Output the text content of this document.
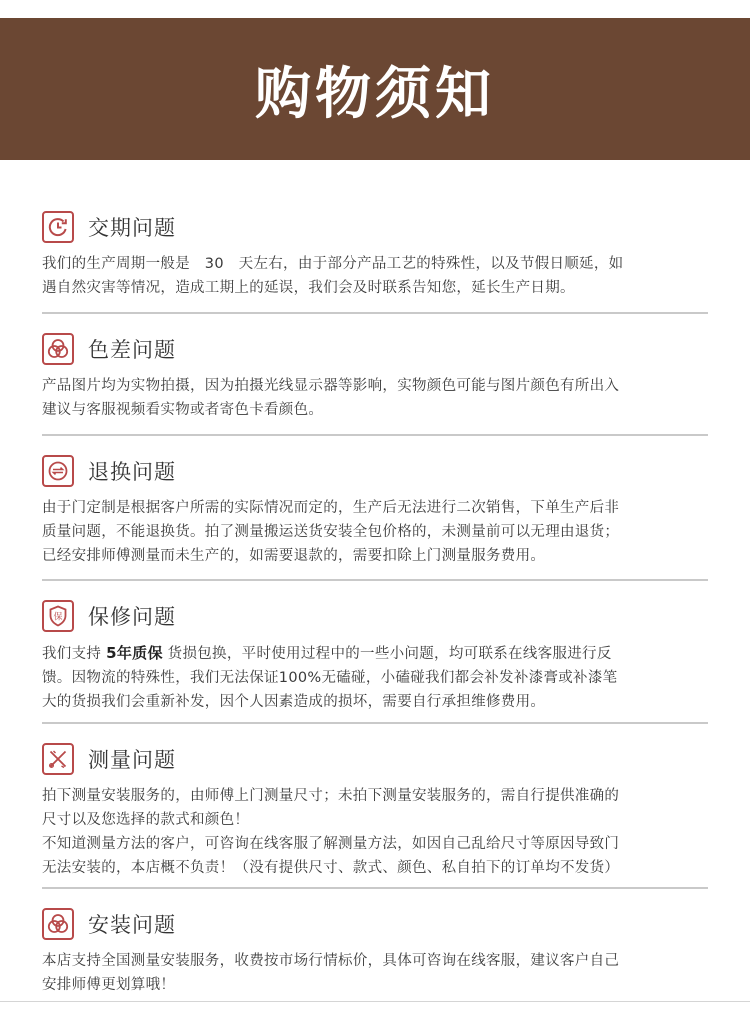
购物须知
交期问题

我们的生产周期一般是　30　天左右，由于部分产品工艺的特殊性，以及节假日顺延，如

遇自然灾害等情况，造成工期上的延误，我们会及时联系告知您，延长生产日期。

色差问题

产品图片均为实物拍摄，因为拍摄光线显示器等影响，实物颜色可能与图片颜色有所出入

建议与客服视频看实物或者寄色卡看颜色。

退换问题

由于门定制是根据客户所需的实际情况而定的，生产后无法进行二次销售，下单生产后非

质量问题，不能退换货。拍了测量搬运送货安装全包价格的，未测量前可以无理由退货；

已经安排师傅测量而未生产的，如需要退款的，需要扣除上门测量服务费用。

保 保修问题

我们支持 5年质保 货损包换，平时使用过程中的一些小问题，均可联系在线客服进行反

馈。因物流的特殊性，我们无法保证100%无磕碰，小磕碰我们都会补发补漆膏或补漆笔

大的货损我们会重新补发，因个人因素造成的损坏，需要自行承担维修费用。

测量问题

拍下测量安装服务的，由师傅上门测量尺寸；未拍下测量安装服务的，需自行提供准确的

尺寸以及您选择的款式和颜色！

不知道测量方法的客户，可咨询在线客服了解测量方法，如因自己乱给尺寸等原因导致门

无法安装的，本店概不负责！（没有提供尺寸、款式、颜色、私自拍下的订单均不发货）

安装问题

本店支持全国测量安装服务，收费按市场行情标价，具体可咨询在线客服，建议客户自己

安排师傅更划算哦！
